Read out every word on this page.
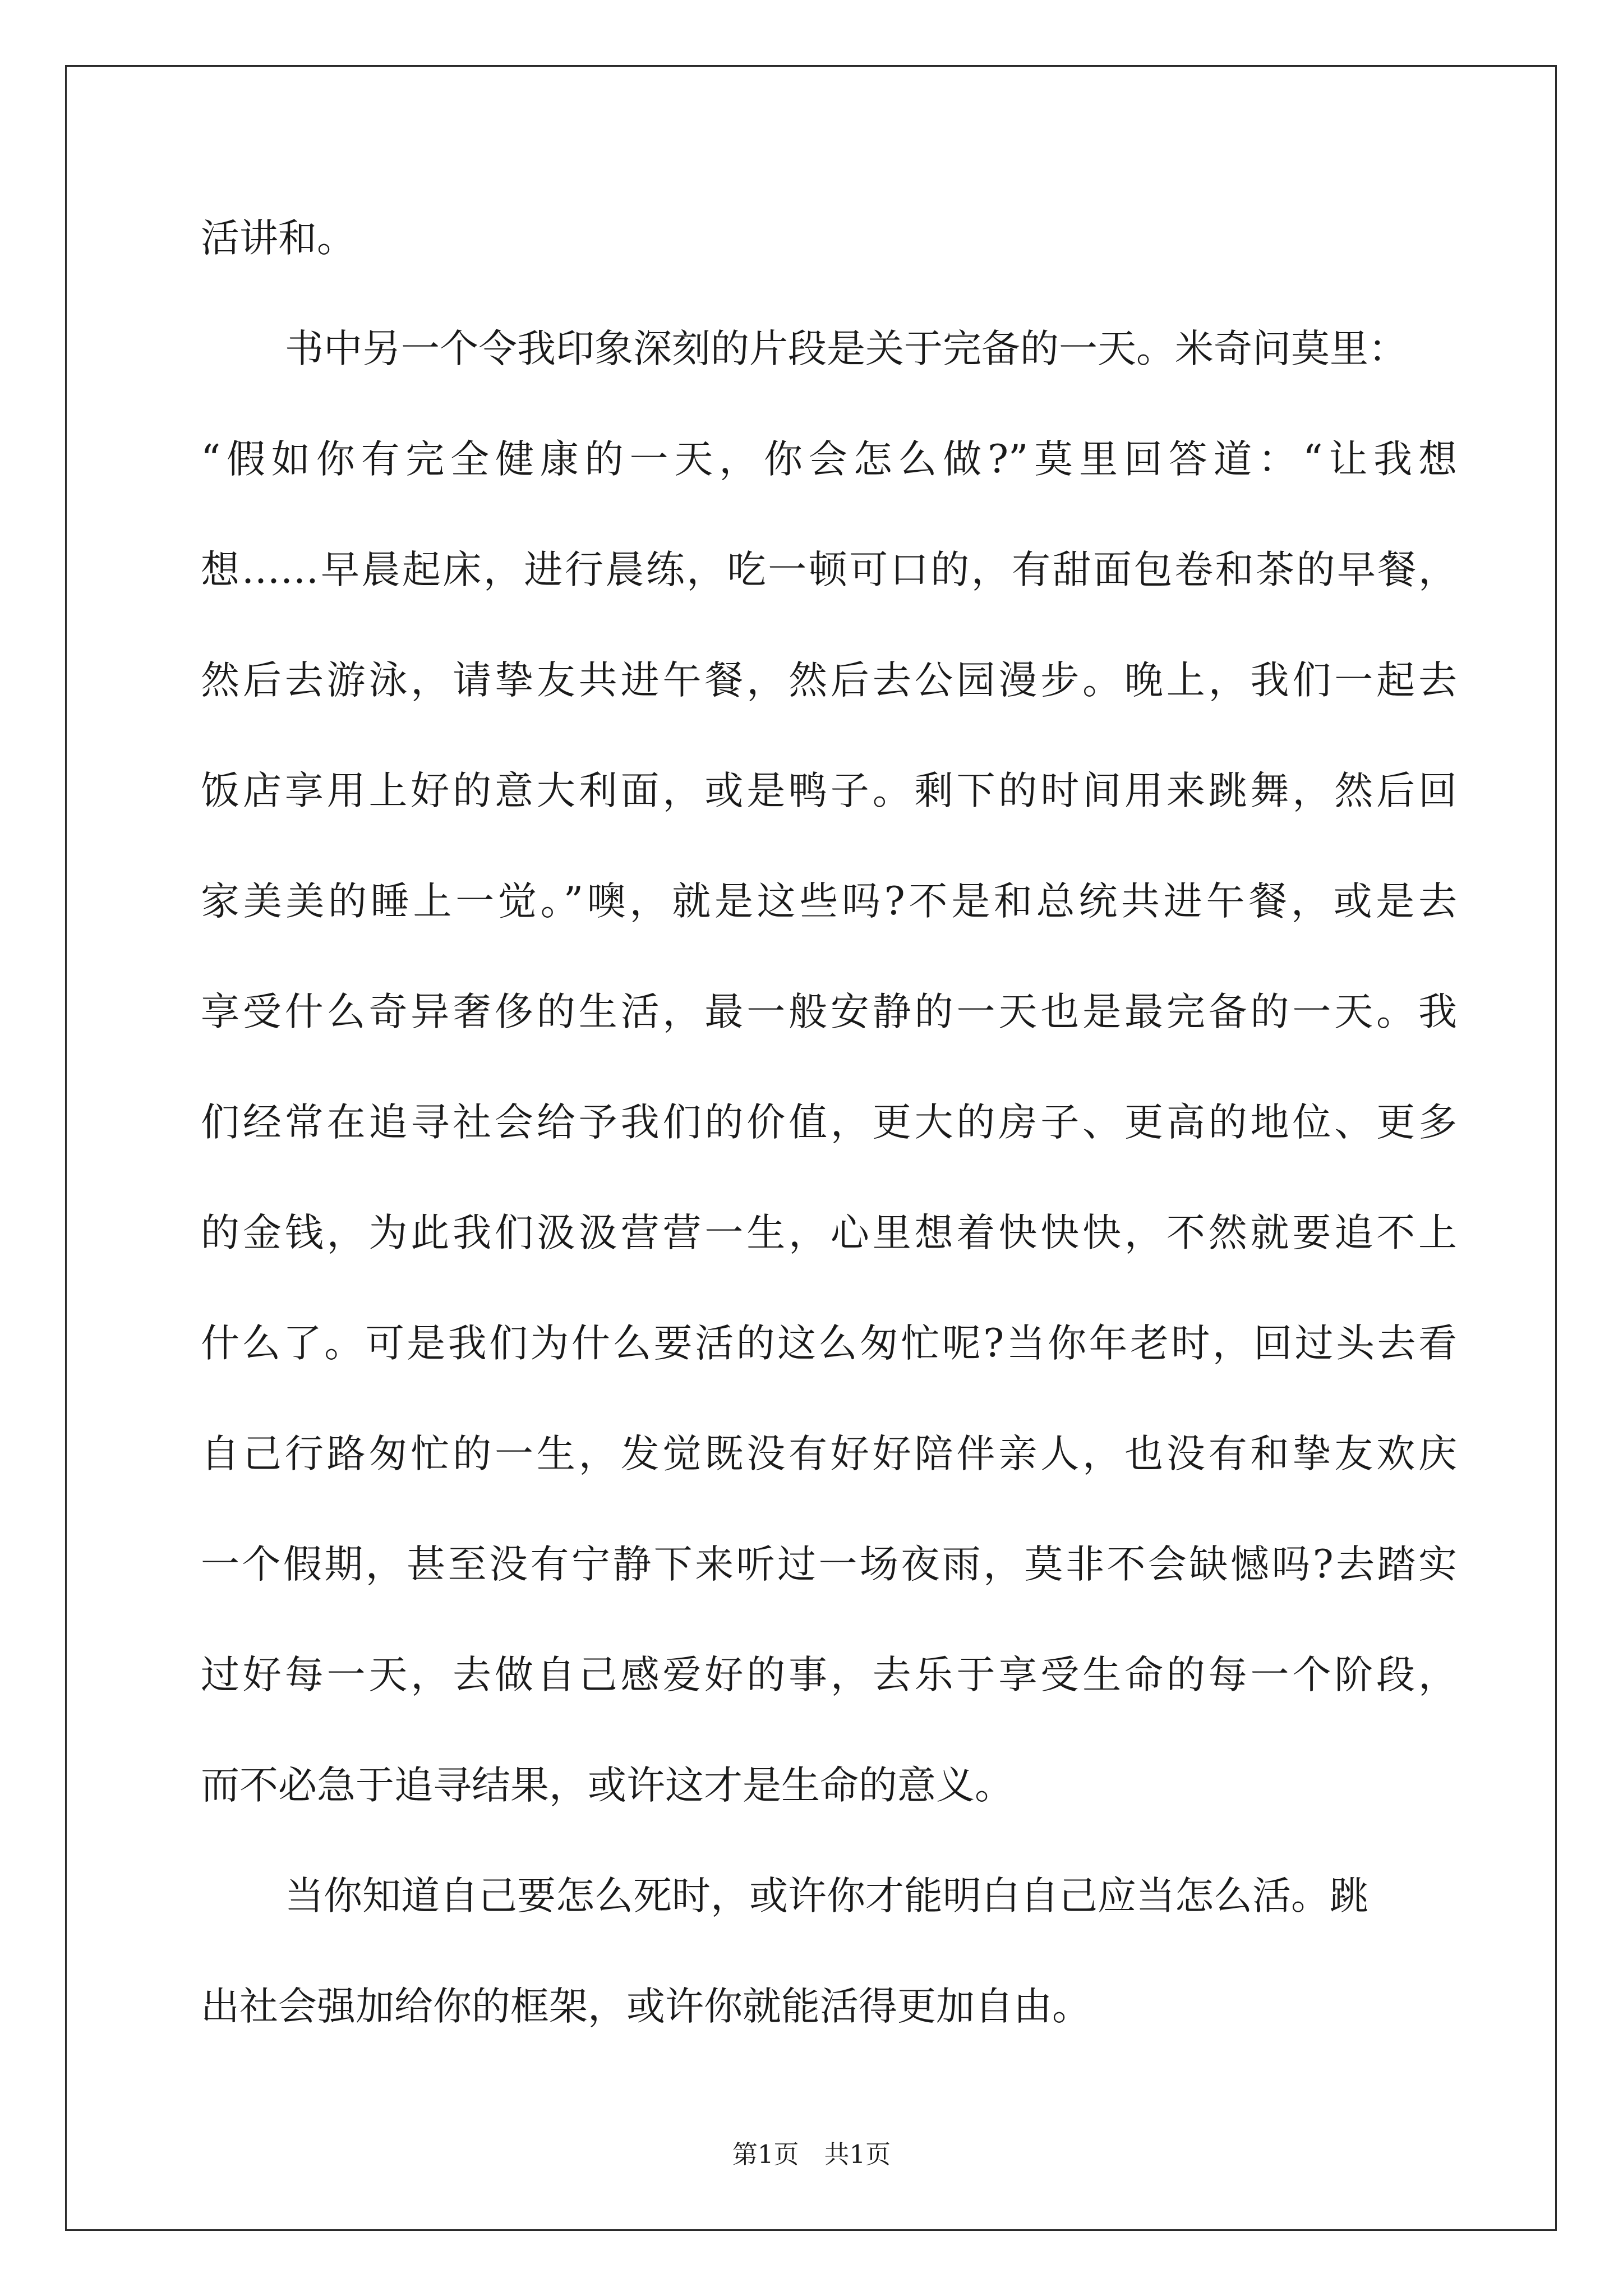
活讲和。
书中另一个令我印象深刻的片段是关于完备的一天。米奇问莫里：
“假如你有完全健康的一天，你会怎么做?”莫里回答道：“让我想
想……早晨起床，进行晨练，吃一顿可口的，有甜面包卷和茶的早餐，
然后去游泳，请挚友共进午餐，然后去公园漫步。晚上，我们一起去
饭店享用上好的意大利面，或是鸭子。剩下的时间用来跳舞，然后回
家美美的睡上一觉。”噢，就是这些吗?不是和总统共进午餐，或是去
享受什么奇异奢侈的生活，最一般安静的一天也是最完备的一天。我
们经常在追寻社会给予我们的价值，更大的房子、更高的地位、更多
的金钱，为此我们汲汲营营一生，心里想着快快快，不然就要追不上
什么了。可是我们为什么要活的这么匆忙呢?当你年老时，回过头去看
自己行路匆忙的一生，发觉既没有好好陪伴亲人，也没有和挚友欢庆
一个假期，甚至没有宁静下来听过一场夜雨，莫非不会缺憾吗?去踏实
过好每一天，去做自己感爱好的事，去乐于享受生命的每一个阶段，
而不必急于追寻结果，或许这才是生命的意义。
当你知道自己要怎么死时，或许你才能明白自己应当怎么活。跳
出社会强加给你的框架，或许你就能活得更加自由。
第1页　共1页
